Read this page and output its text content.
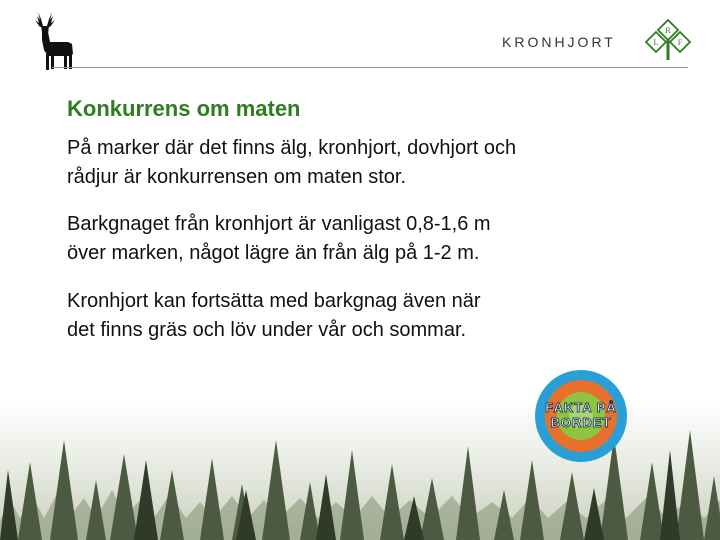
KRONHJORT
R
L F
Konkurrens om maten
På marker där det finns älg, kronhjort, dovhjort och
rådjur är konkurrensen om maten stor.
Barkgnaget från kronhjort är vanligast 0,8-1,6 m
över marken, något lägre än från älg på 1-2 m.
Kronhjort kan fortsätta med barkgnag även när
det finns gräs och löv under vår och sommar.
FAKTA PÅ
BORDET
